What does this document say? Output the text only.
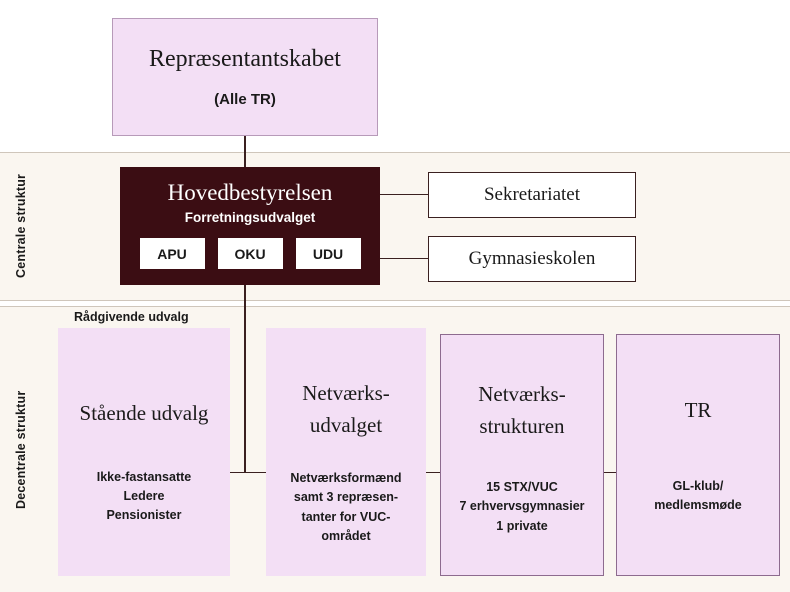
Centrale struktur
Decentrale struktur
Repræsentantskabet
(Alle TR)
Hovedbestyrelsen
Forretningsudvalget
APU	OKU	UDU
Sekretariatet
Gymnasieskolen
Rådgivende udvalg
Stående udvalg
Ikke-fastansatte
Ledere
Pensionister
Netværks-
udvalget
Netværksformænd
samt 3 repræsen-
tanter for VUC-
området
Netværks-
strukturen
15 STX/VUC
7 erhvervsgymnasier
1 private
TR
GL-klub/
medlemsmøde
